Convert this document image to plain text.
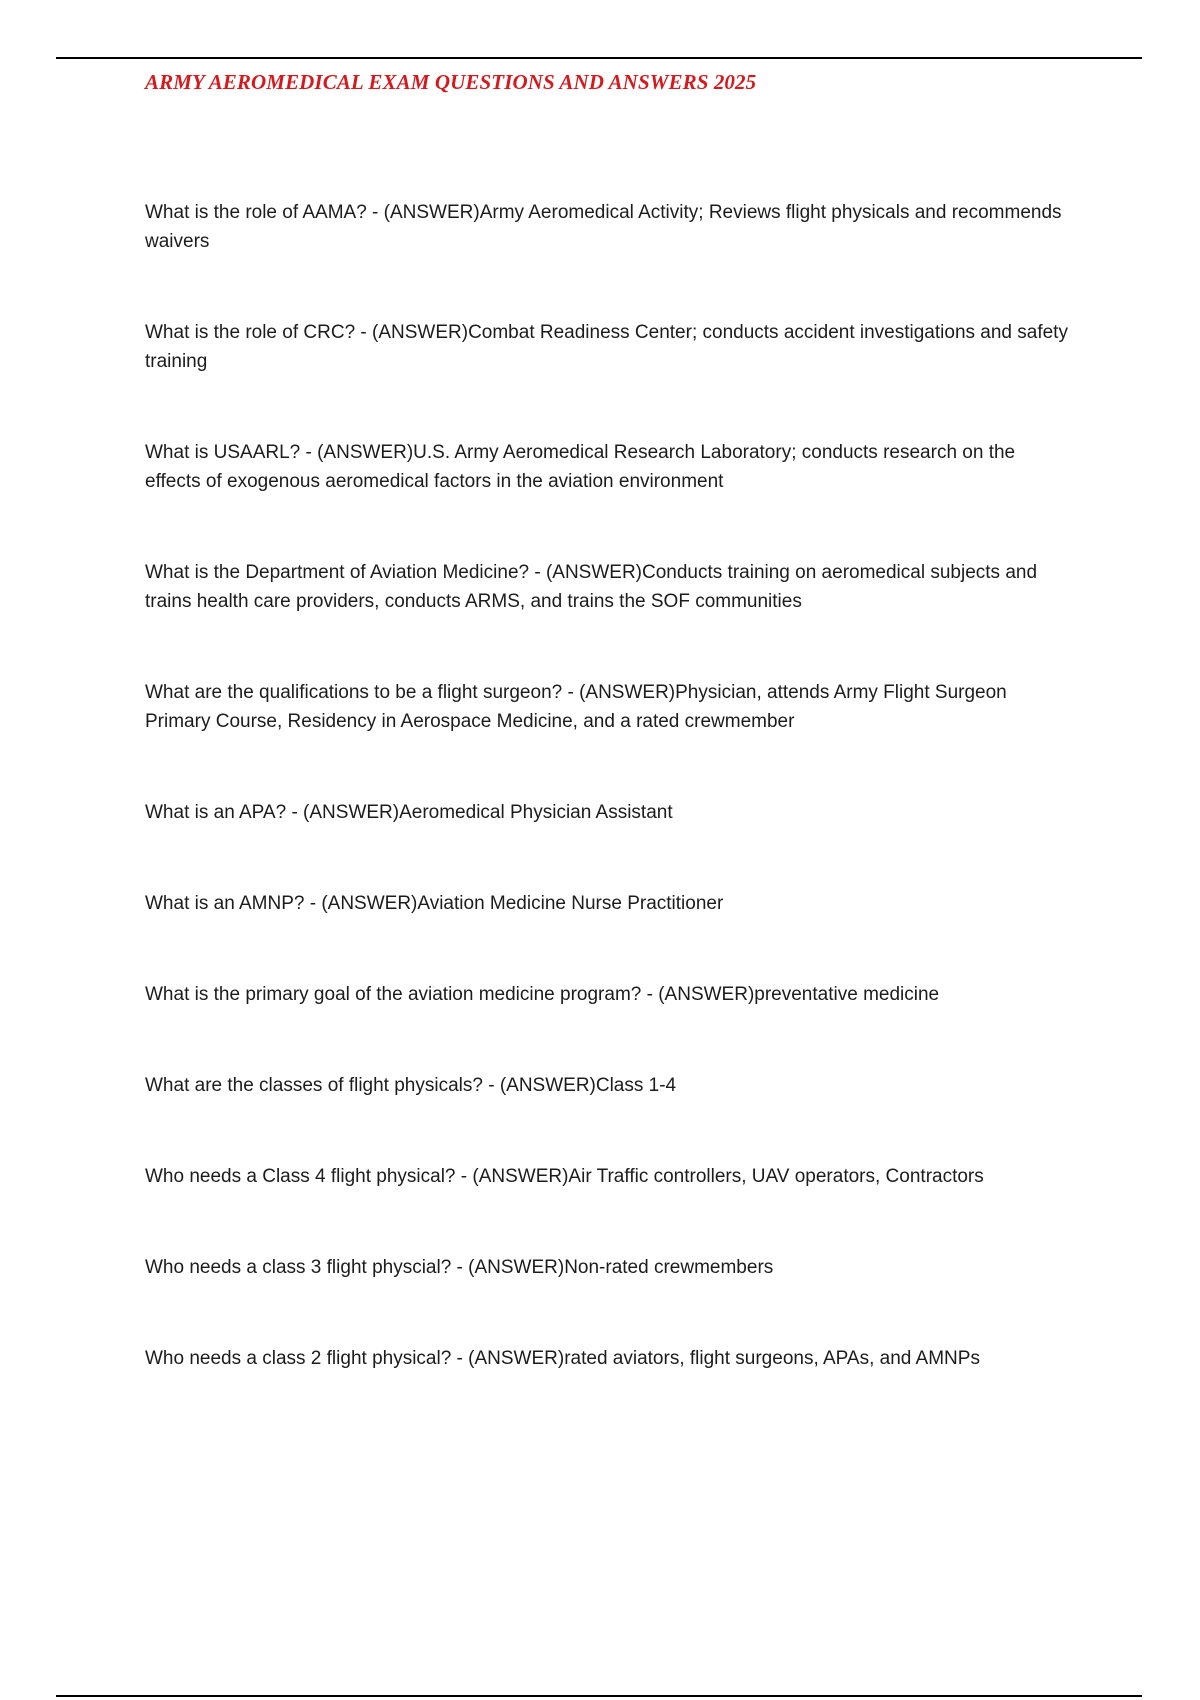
ARMY AEROMEDICAL EXAM QUESTIONS AND ANSWERS 2025
What is the role of AAMA? - (ANSWER)Army Aeromedical Activity; Reviews flight physicals and recommends waivers
What is the role of CRC? - (ANSWER)Combat Readiness Center; conducts accident investigations and safety training
What is USAARL? - (ANSWER)U.S. Army Aeromedical Research Laboratory; conducts research on the effects of exogenous aeromedical factors in the aviation environment
What is the Department of Aviation Medicine? - (ANSWER)Conducts training on aeromedical subjects and trains health care providers, conducts ARMS, and trains the SOF communities
What are the qualifications to be a flight surgeon? - (ANSWER)Physician, attends Army Flight Surgeon Primary Course, Residency in Aerospace Medicine, and a rated crewmember
What is an APA? - (ANSWER)Aeromedical Physician Assistant
What is an AMNP? - (ANSWER)Aviation Medicine Nurse Practitioner
What is the primary goal of the aviation medicine program? - (ANSWER)preventative medicine
What are the classes of flight physicals? - (ANSWER)Class 1-4
Who needs a Class 4 flight physical? - (ANSWER)Air Traffic controllers, UAV operators, Contractors
Who needs a class 3 flight physcial? - (ANSWER)Non-rated crewmembers
Who needs a class 2 flight physical? - (ANSWER)rated aviators, flight surgeons, APAs, and AMNPs
